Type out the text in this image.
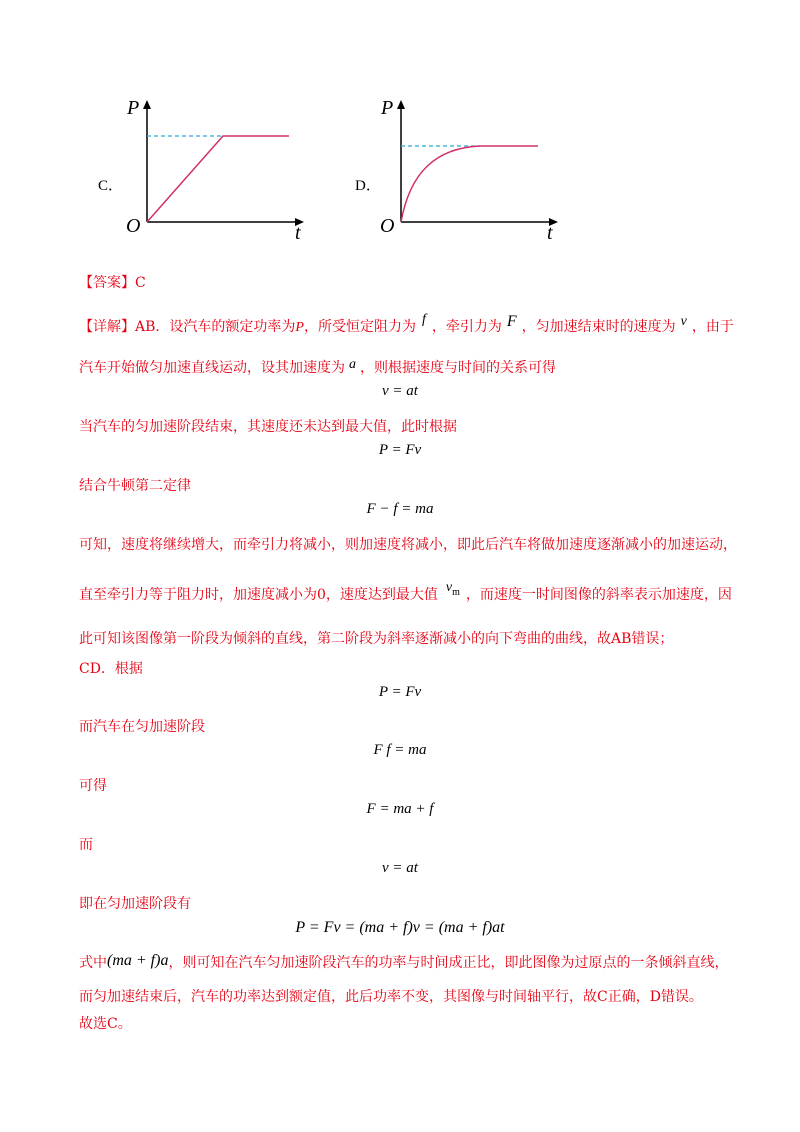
C．
P
t
O
D．
P
t
O
【答案】C
【详解】AB．设汽车的额定功率为P，所受恒定阻力为 f ，牵引力为 F ，匀加速结束时的速度为 v ，由于
汽车开始做匀加速直线运动，设其加速度为 a ，则根据速度与时间的关系可得
v = at
当汽车的匀加速阶段结束，其速度还未达到最大值，此时根据
P = Fv
结合牛顿第二定律
F − f = ma
可知，速度将继续增大，而牵引力将减小，则加速度将减小，即此后汽车将做加速度逐渐减小的加速运动，
直至牵引力等于阻力时，加速度减小为0，速度达到最大值 $v_m$ ，而速度一时间图像的斜率表示加速度，因
此可知该图像第一阶段为倾斜的直线，第二阶段为斜率逐渐减小的向下弯曲的曲线，故AB错误；
CD．根据
P = Fv
而汽车在匀加速阶段
F f = ma
可得
F = ma + f
而
v = at
即在匀加速阶段有
P = Fv = (ma + f)v = (ma + f)at
式中(ma + f)a，则可知在汽车匀加速阶段汽车的功率与时间成正比，即此图像为过原点的一条倾斜直线，
而匀加速结束后，汽车的功率达到额定值，此后功率不变，其图像与时间轴平行，故C正确，D错误。
故选C。
